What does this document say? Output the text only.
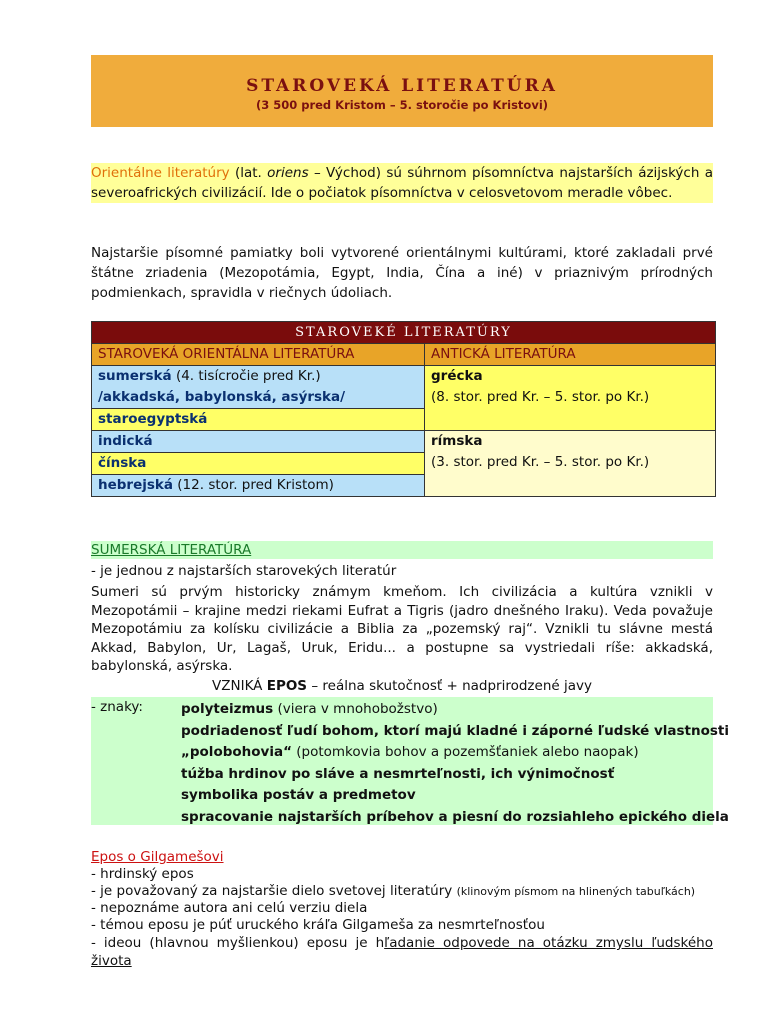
STAROVEKÁ LITERATÚRA
(3 500 pred Kristom – 5. storočie po Kristovi)

Orientálne literatúry (lat. oriens – Východ) sú súhrnom písomníctva najstarších ázijských a severoafrických civilizácií. Ide o počiatok písomníctva v celosvetovom meradle vôbec.

Najstaršie písomné pamiatky boli vytvorené orientálnymi kultúrami, ktoré zakladali prvé štátne zriadenia (Mezopotámia, Egypt, India, Čína a iné) v priaznivým prírodných podmienkach, spravidla v riečnych údoliach.

STAROVEKÉ LITERATÚRY	
STAROVEKÁ ORIENTÁLNA LITERATÚRA	ANTICKÁ LITERATÚRA
sumerská (4. tisícročie pred Kr.)
/akkadská, babylonská, asýrska/	grécka
(8. stor. pred Kr. – 5. stor. po Kr.)
staroegyptská	
indická	rímska
(3. stor. pred Kr. – 5. stor. po Kr.)
čínska	
hebrejská (12. stor. pred Kristom)	
SUMERSKÁ LITERATÚRA

- je jednou z najstarších starovekých literatúr

Sumeri sú prvým historicky známym kmeňom. Ich civilizácia a kultúra vznikli v Mezopotámii – krajine medzi riekami Eufrat a Tigris (jadro dnešného Iraku). Veda považuje Mezopotámiu za kolísku civilizácie a Biblia za „pozemský raj“. Vznikli tu slávne mestá Akkad, Babylon, Ur, Lagaš, Uruk, Eridu... a postupne sa vystriedali ríše: akkadská, babylonská, asýrska.

VZNIKÁ EPOS – reálna skutočnosť + nadprirodzené javy

- znaky:	polyteizmus (viera v mnohobožstvo)
podriadenosť ľudí bohom, ktorí majú kladné i záporné ľudské vlastnosti
„polobohovia“ (potomkovia bohov a pozemšťaniek alebo naopak)
túžba hrdinov po sláve a nesmrteľnosti, ich výnimočnosť
symbolika postáv a predmetov
spracovanie najstarších príbehov a piesní do rozsiahleho epického diela

Epos o Gilgamešovi

- hrdinský epos

- je považovaný za najstaršie dielo svetovej literatúry (klinovým písmom na hlinených tabuľkách)

- nepoznáme autora ani celú verziu diela

- témou eposu je púť uruckého kráľa Gilgameša za nesmrteľnosťou

- ideou (hlavnou myšlienkou) eposu je hľadanie odpovede na otázku zmyslu ľudského života
